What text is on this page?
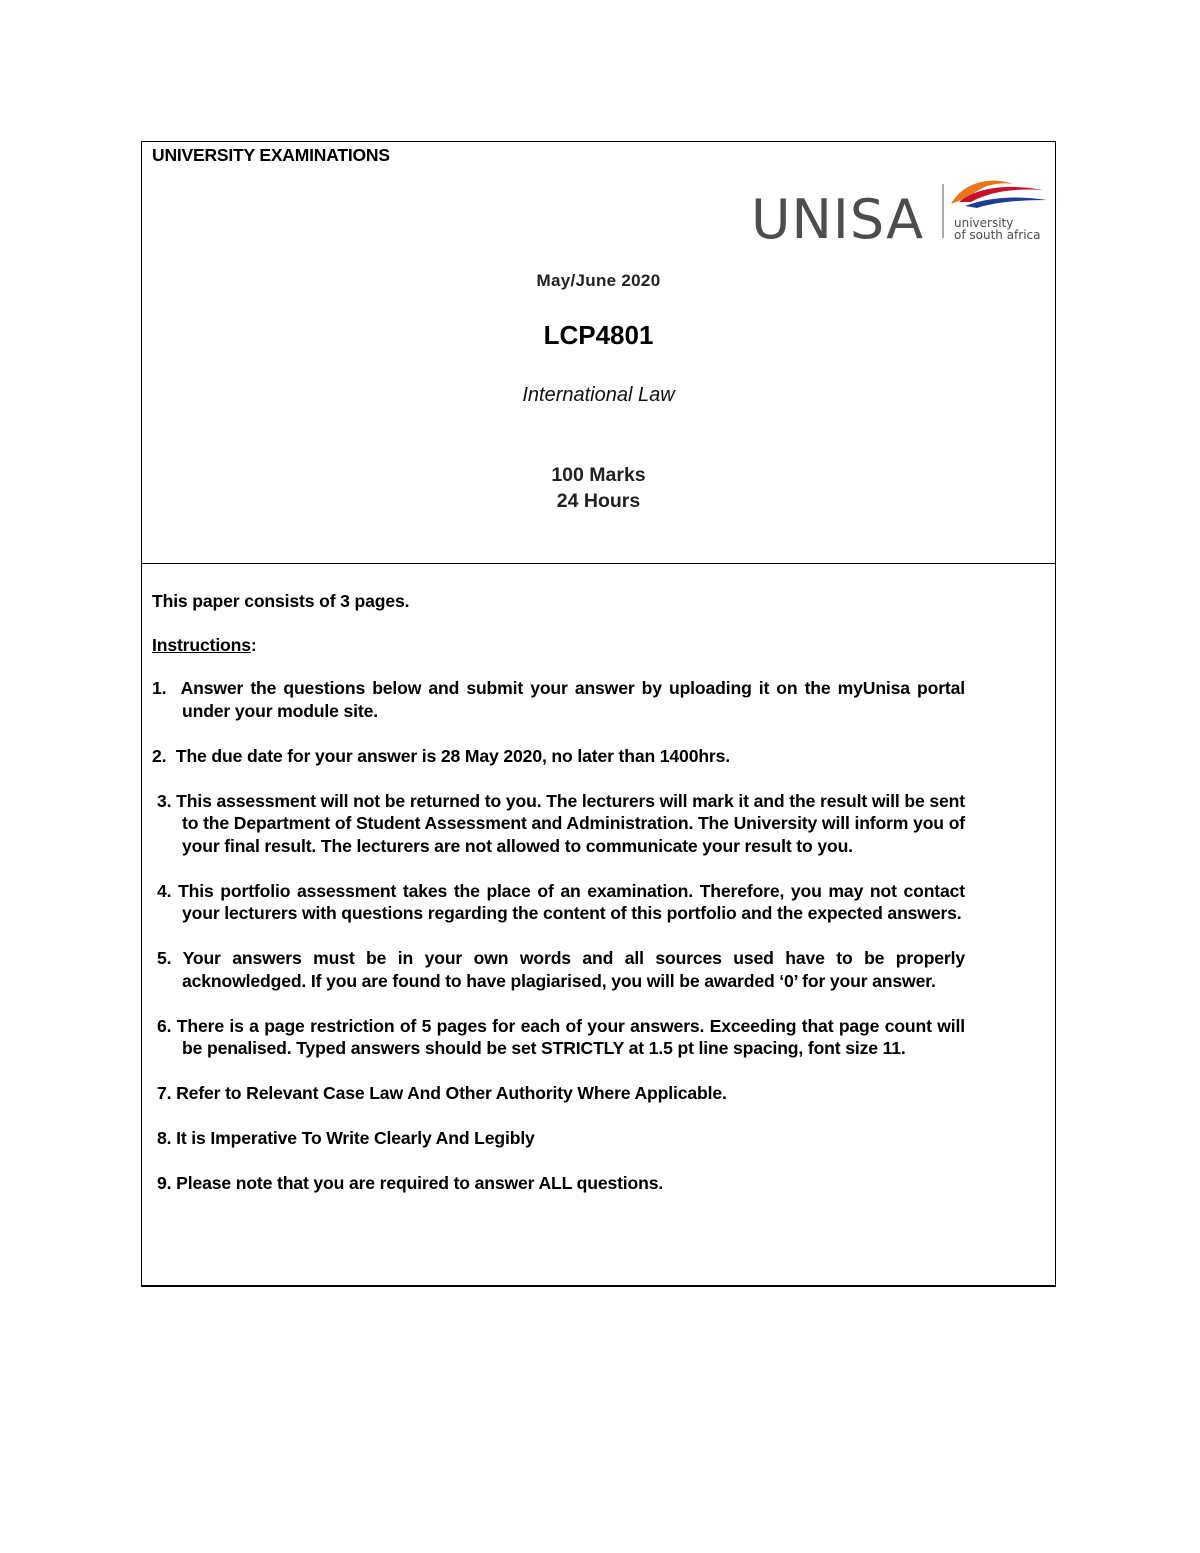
UNIVERSITY EXAMINATIONS
UNISA university
of south africa
May/June 2020
LCP4801
International Law
100 Marks
24 Hours

This paper consists of 3 pages.

Instructions:
1. Answer the questions below and submit your answer by uploading it on the myUnisa portal under your module site.
2. The due date for your answer is 28 May 2020, no later than 1400hrs.
3. This assessment will not be returned to you. The lecturers will mark it and the result will be sent to the Department of Student Assessment and Administration. The University will inform you of your final result. The lecturers are not allowed to communicate your result to you.
4. This portfolio assessment takes the place of an examination. Therefore, you may not contact your lecturers with questions regarding the content of this portfolio and the expected answers.
5. Your answers must be in your own words and all sources used have to be properly acknowledged. If you are found to have plagiarised, you will be awarded ‘0’ for your answer.
6. There is a page restriction of 5 pages for each of your answers. Exceeding that page count will be penalised. Typed answers should be set STRICTLY at 1.5 pt line spacing, font size 11.
7. Refer to Relevant Case Law And Other Authority Where Applicable.
8. It is Imperative To Write Clearly And Legibly
9. Please note that you are required to answer ALL questions.
